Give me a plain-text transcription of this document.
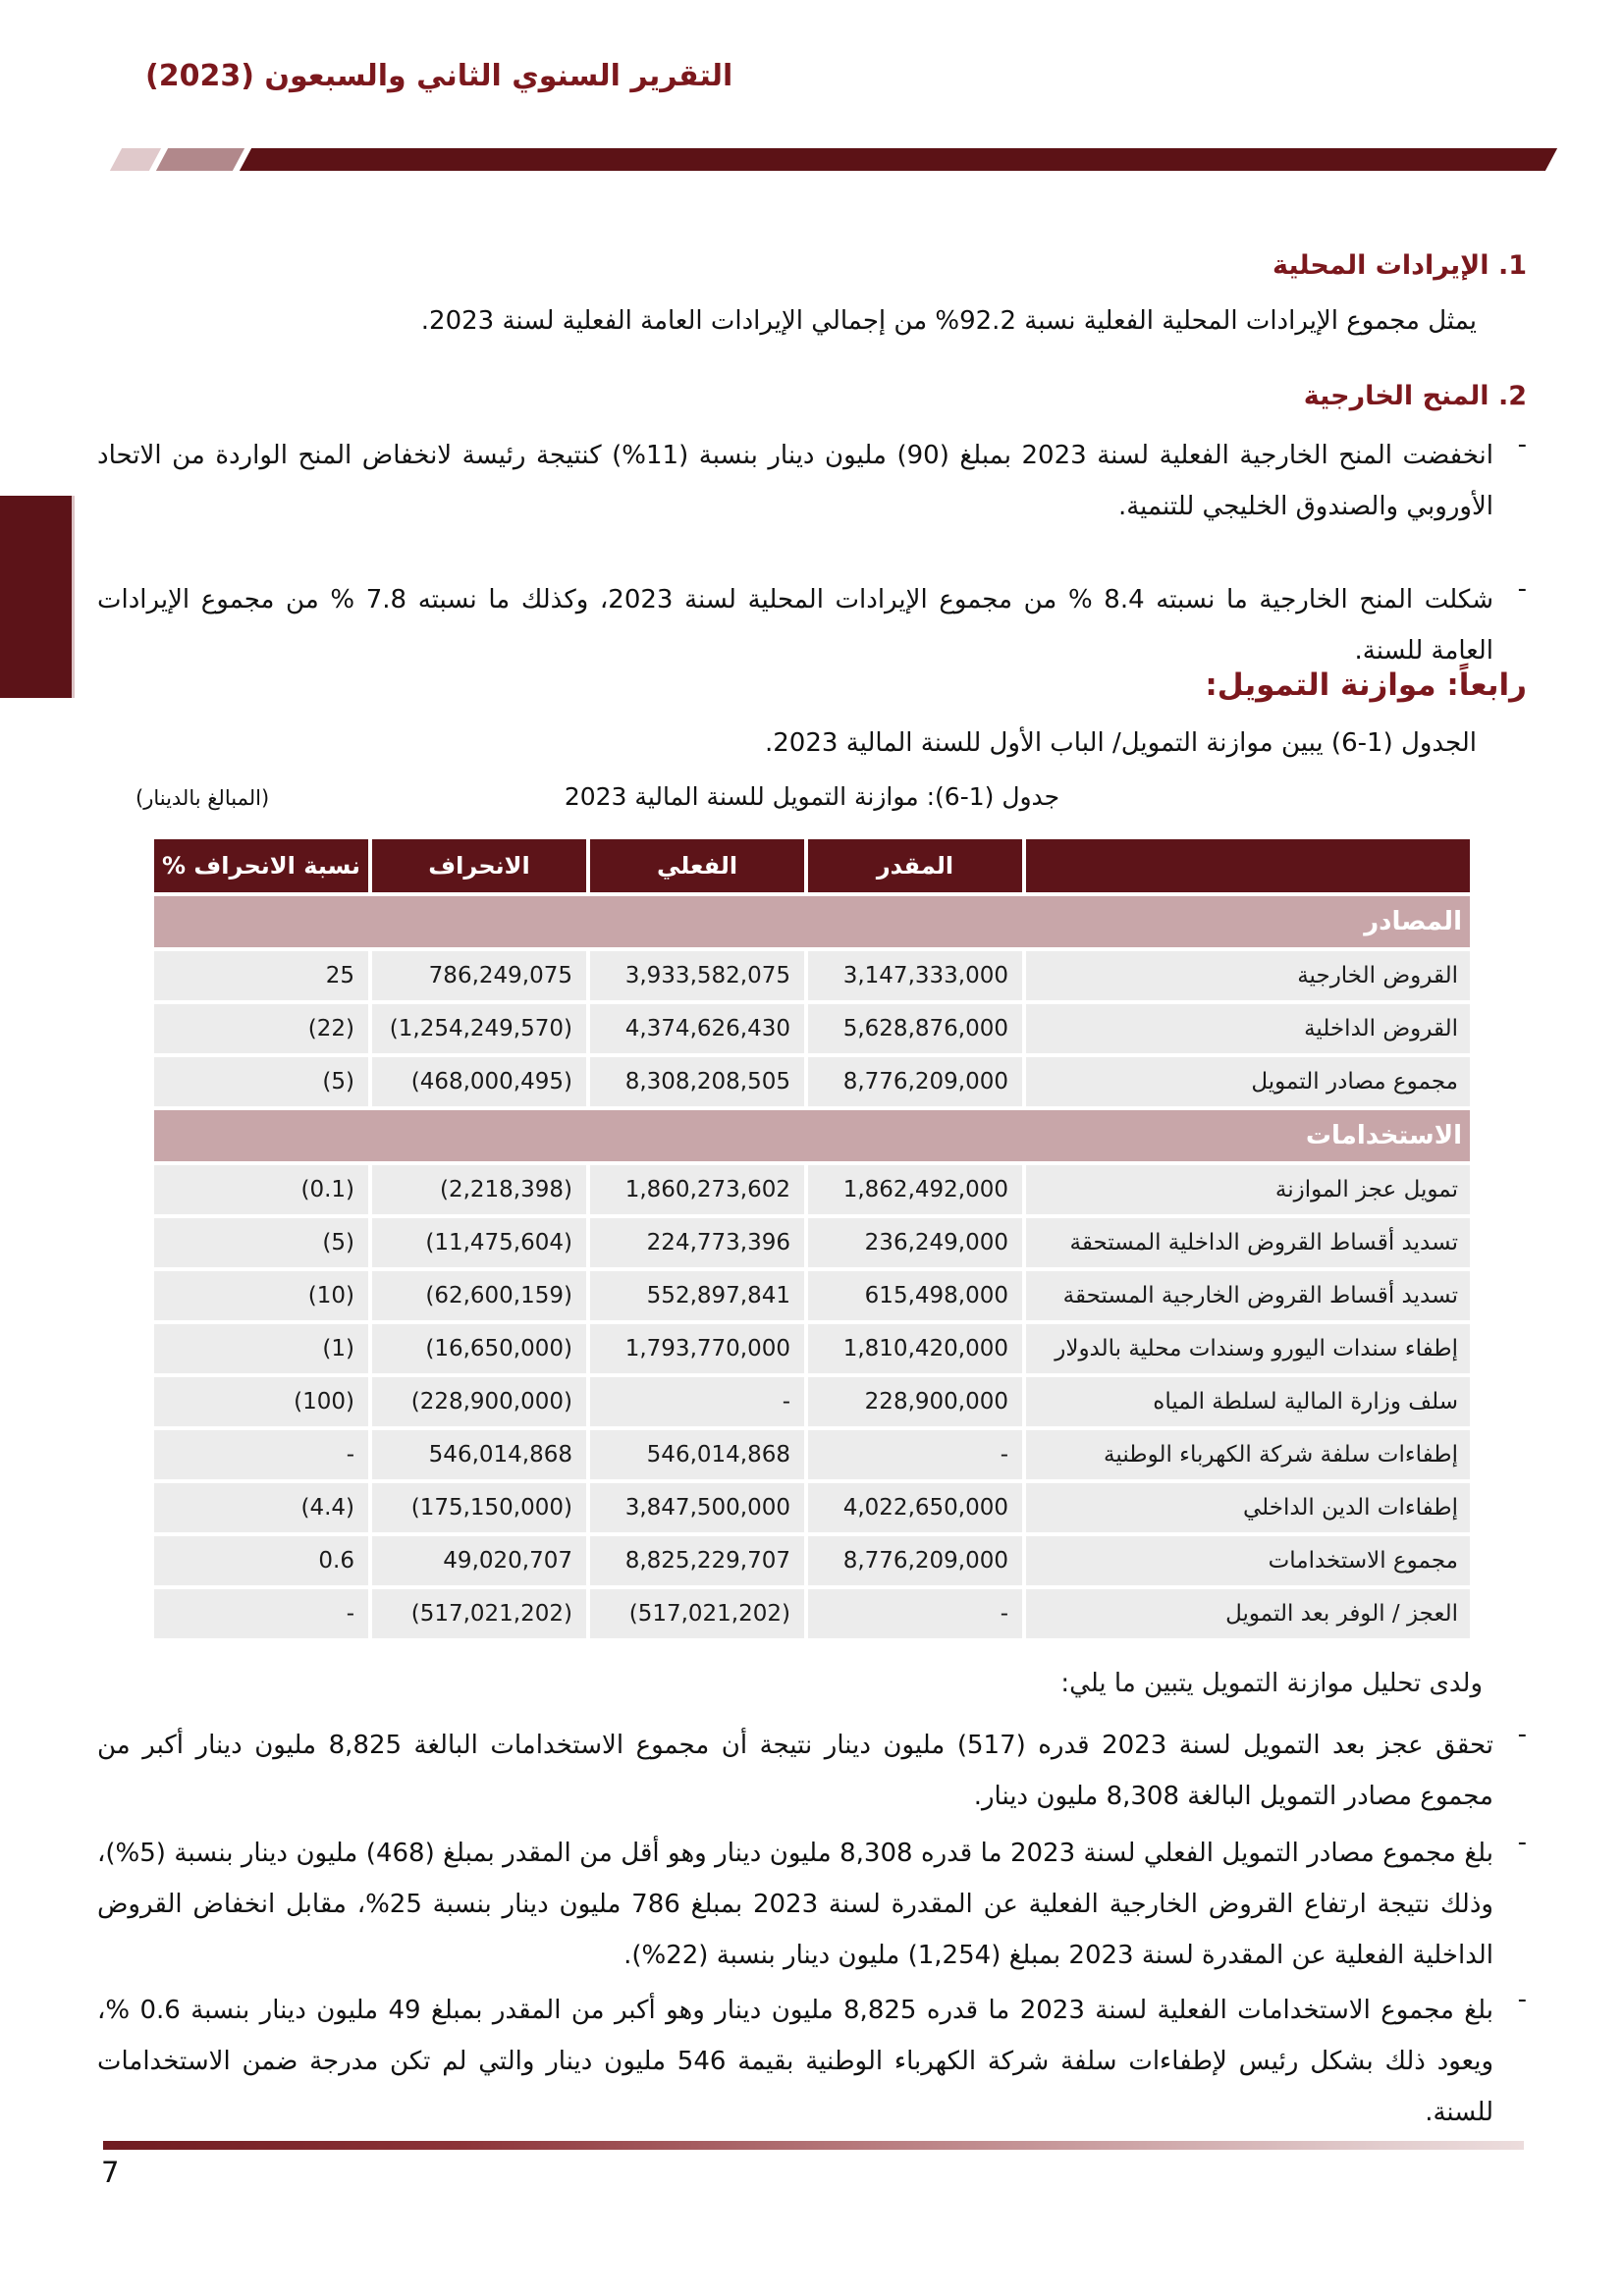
التقرير السنوي الثاني والسبعون (2023)
1. الإيرادات المحلية
يمثل مجموع الإيرادات المحلية الفعلية نسبة 92.2% من إجمالي الإيرادات العامة الفعلية لسنة 2023.
2. المنح الخارجية
-
انخفضت المنح الخارجية الفعلية لسنة 2023 بمبلغ (90) مليون دينار بنسبة (11%) كنتيجة رئيسة لانخفاض المنح الواردة من الاتحاد الأوروبي والصندوق الخليجي للتنمية.
-
شكلت المنح الخارجية ما نسبته 8.4 % من مجموع الإيرادات المحلية لسنة 2023، وكذلك ما نسبته 7.8 % من مجموع الإيرادات العامة للسنة.
رابعاً: موازنة التمويل:
الجدول (1-6) يبين موازنة التمويل/ الباب الأول للسنة المالية 2023.
جدول (1-6): موازنة التمويل للسنة المالية 2023
(المبالغ بالدينار)
المقدر
الفعلي
الانحراف
نسبة الانحراف %
المصادر
القروض الخارجية
3,147,333,000
3,933,582,075
786,249,075
25
القروض الداخلية
5,628,876,000
4,374,626,430
(1,254,249,570)
(22)
مجموع مصادر التمويل
8,776,209,000
8,308,208,505
(468,000,495)
(5)
الاستخدامات
تمويل عجز الموازنة
1,862,492,000
1,860,273,602
(2,218,398)
(0.1)
تسديد أقساط القروض الداخلية المستحقة
236,249,000
224,773,396
(11,475,604)
(5)
تسديد أقساط القروض الخارجية المستحقة
615,498,000
552,897,841
(62,600,159)
(10)
إطفاء سندات اليورو وسندات محلية بالدولار
1,810,420,000
1,793,770,000
(16,650,000)
(1)
سلف وزارة المالية لسلطة المياه
228,900,000
-
(228,900,000)
(100)
إطفاءات سلفة شركة الكهرباء الوطنية
-
546,014,868
546,014,868
-
إطفاءات الدين الداخلي
4,022,650,000
3,847,500,000
(175,150,000)
(4.4)
مجموع الاستخدامات
8,776,209,000
8,825,229,707
49,020,707
0.6
العجز / الوفر بعد التمويل
-
(517,021,202)
(517,021,202)
-
ولدى تحليل موازنة التمويل يتبين ما يلي:
-
تحقق عجز بعد التمويل لسنة 2023 قدره (517) مليون دينار نتيجة أن مجموع الاستخدامات البالغة 8,825 مليون دينار أكبر من مجموع مصادر التمويل البالغة 8,308 مليون دينار.
-
بلغ مجموع مصادر التمويل الفعلي لسنة 2023 ما قدره 8,308 مليون دينار وهو أقل من المقدر بمبلغ (468) مليون دينار بنسبة (5%)، وذلك نتيجة ارتفاع القروض الخارجية الفعلية عن المقدرة لسنة 2023 بمبلغ 786 مليون دينار بنسبة 25%، مقابل انخفاض القروض الداخلية الفعلية عن المقدرة لسنة 2023 بمبلغ (1,254) مليون دينار بنسبة (22%).
-
بلغ مجموع الاستخدامات الفعلية لسنة 2023 ما قدره 8,825 مليون دينار وهو أكبر من المقدر بمبلغ 49 مليون دينار بنسبة 0.6 %، ويعود ذلك بشكل رئيس لإطفاءات سلفة شركة الكهرباء الوطنية بقيمة 546 مليون دينار والتي لم تكن مدرجة ضمن الاستخدامات للسنة.
7
